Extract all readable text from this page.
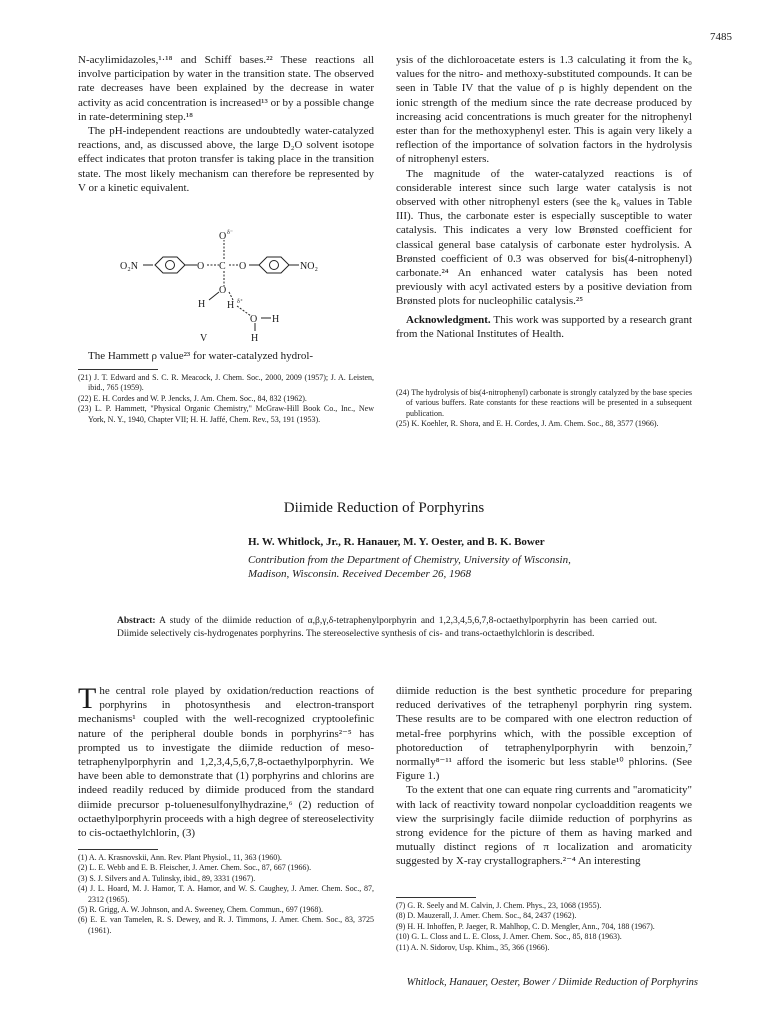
7485

N-acylimidazoles,¹·¹⁸ and Schiff bases.²² These reactions all involve participation by water in the transition state. The observed rate decreases have been explained by the decrease in water activity as acid concentration is increased¹³ or by a possible change in rate-determining step.¹⁸

The pH-independent reactions are undoubtedly water-catalyzed reactions, and, as discussed above, the large D₂O solvent isotope effect indicates that proton transfer is taking place in the transition state. The most likely mechanism can therefore be represented by V or a kinetic equivalent.

O₂N	O C O	NO₂
O δ⁻
O
H H δ⁺
O H
H
V

The Hammett ρ value²³ for water-catalyzed hydrol-

(21) J. T. Edward and S. C. R. Meacock, J. Chem. Soc., 2000, 2009 (1957); J. A. Leisten, ibid., 765 (1959).

(22) E. H. Cordes and W. P. Jencks, J. Am. Chem. Soc., 84, 832 (1962).

(23) L. P. Hammett, "Physical Organic Chemistry," McGraw-Hill Book Co., Inc., New York, N. Y., 1940, Chapter VII; H. H. Jaffé, Chem. Rev., 53, 191 (1953).

ysis of the dichloroacetate esters is 1.3 calculating it from the k₀ values for the nitro- and methoxy-substituted compounds. It can be seen in Table IV that the value of ρ is highly dependent on the ionic strength of the medium since the rate decrease produced by increasing acid concentrations is much greater for the nitrophenyl ester than for the methoxyphenyl ester. This is again very likely a reflection of the importance of solvation factors in the hydrolysis of nitrophenyl esters.

The magnitude of the water-catalyzed reactions is of considerable interest since such large water catalysis is not observed with other nitrophenyl esters (see the k₀ values in Table III). Thus, the carbonate ester is especially susceptible to water catalysis. This indicates a very low Brønsted coefficient for classical general base catalysis of carbonate ester hydrolysis. A Brønsted coefficient of 0.3 was observed for bis(4-nitrophenyl) carbonate.²⁴ An enhanced water catalysis has been noted previously with acyl activated esters by a positive deviation from Brønsted plots for nucleophilic catalysis.²⁵

Acknowledgment. This work was supported by a research grant from the National Institutes of Health.

(24) The hydrolysis of bis(4-nitrophenyl) carbonate is strongly catalyzed by the base species of various buffers. Rate constants for these reactions will be presented in a subsequent publication.

(25) K. Koehler, R. Shora, and E. H. Cordes, J. Am. Chem. Soc., 88, 3577 (1966).

Diimide Reduction of Porphyrins
H. W. Whitlock, Jr., R. Hanauer, M. Y. Oester, and B. K. Bower
Contribution from the Department of Chemistry, University of Wisconsin, Madison, Wisconsin. Received December 26, 1968
Abstract: A study of the diimide reduction of α,β,γ,δ-tetraphenylporphyrin and 1,2,3,4,5,6,7,8-octaethylporphyrin has been carried out. Diimide selectively cis-hydrogenates porphyrins. The stereoselective synthesis of cis- and trans-octaethylchlorin is described.

The central role played by oxidation/reduction reactions of porphyrins in photosynthesis and electron-transport mechanisms¹ coupled with the well-recognized cryptoolefinic nature of the peripheral double bonds in porphyrins²⁻⁵ has prompted us to investigate the diimide reduction of meso-tetraphenylporphyrin and 1,2,3,4,5,6,7,8-octaethylporphyrin. We have been able to demonstrate that (1) porphyrins and chlorins are indeed readily reduced by diimide produced from the standard diimide precursor p-toluenesulfonylhydrazine,⁶ (2) reduction of octaethylporphyrin proceeds with a high degree of stereoselectivity to cis-octaethylchlorin, (3)

(1) A. A. Krasnovskii, Ann. Rev. Plant Physiol., 11, 363 (1960).

(2) L. E. Webb and E. B. Fleischer, J. Amer. Chem. Soc., 87, 667 (1966).

(3) S. J. Silvers and A. Tulinsky, ibid., 89, 3331 (1967).

(4) J. L. Hoard, M. J. Hamor, T. A. Hamor, and W. S. Caughey, J. Amer. Chem. Soc., 87, 2312 (1965).

(5) R. Grigg, A. W. Johnson, and A. Sweeney, Chem. Commun., 697 (1968).

(6) E. E. van Tamelen, R. S. Dewey, and R. J. Timmons, J. Amer. Chem. Soc., 83, 3725 (1961).

diimide reduction is the best synthetic procedure for preparing reduced derivatives of the tetraphenyl porphyrin ring system. These results are to be compared with one electron reduction of metal-free porphyrins which, with the possible exception of photoreduction of tetraphenylporphyrin with benzoin,⁷ normally⁸⁻¹¹ afford the isomeric but less stable¹⁰ phlorins. (See Figure 1.)

To the extent that one can equate ring currents and "aromaticity" with lack of reactivity toward nonpolar cycloaddition reagents we view the surprisingly facile diimide reduction of porphyrins as strong evidence for the picture of them as having marked and mutually distinct regions of π localization and aromaticity suggested by X-ray crystallographers.²⁻⁴ An interesting

(7) G. R. Seely and M. Calvin, J. Chem. Phys., 23, 1068 (1955).

(8) D. Mauzerall, J. Amer. Chem. Soc., 84, 2437 (1962).

(9) H. H. Inhoffen, P. Jaeger, R. Mahlhop, C. D. Mengler, Ann., 704, 188 (1967).

(10) G. L. Closs and L. E. Closs, J. Amer. Chem. Soc., 85, 818 (1963).

(11) A. N. Sidorov, Usp. Khim., 35, 366 (1966).

Whitlock, Hanauer, Oester, Bower / Diimide Reduction of Porphyrins
